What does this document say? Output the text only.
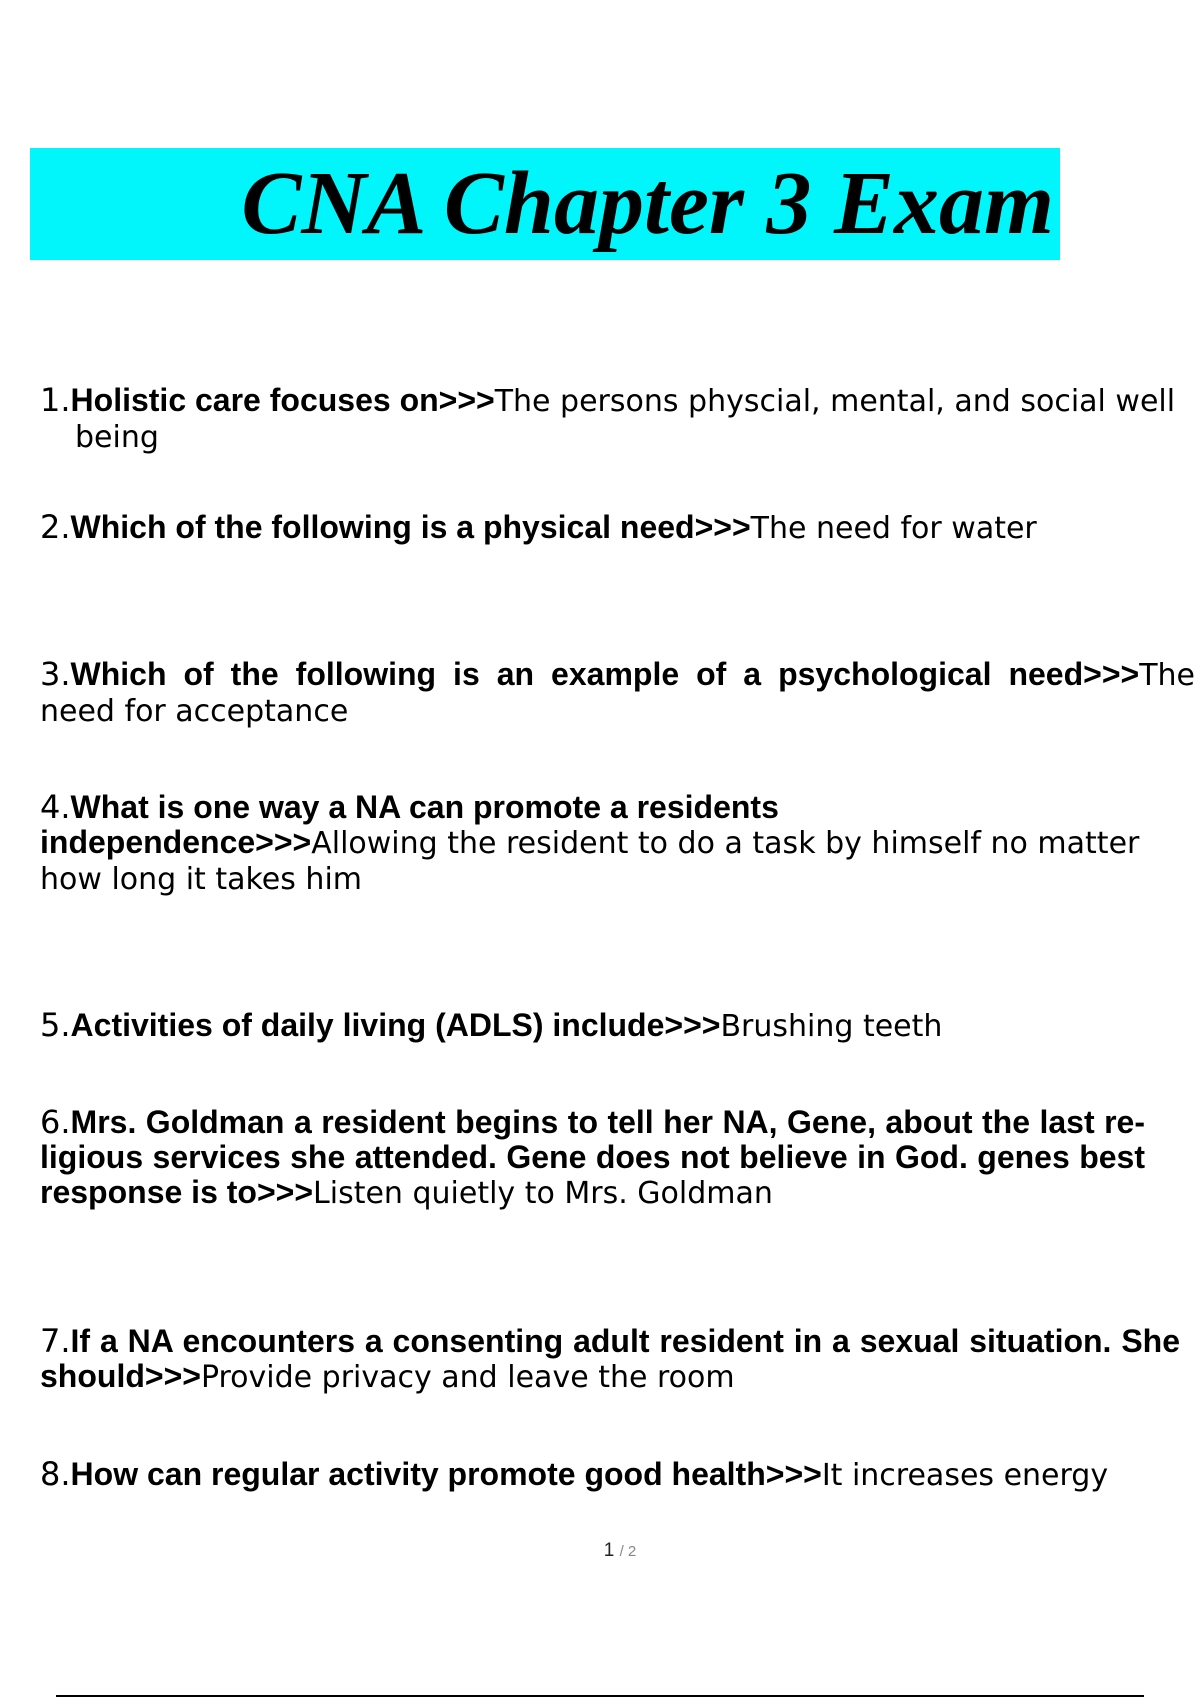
CNA Chapter 3 Exam

1.Holistic care focuses on>>>The persons physcial, mental, and social well being

2.Which of the following is a physical need>>>The need for water

3.Which of the following is an example of a psychological need>>>The need for acceptance

4.What is one way a NA can promote a residents independence>>>Allowing the resident to do a task by himself no matter how long it takes him

5.Activities of daily living (ADLS) include>>>Brushing teeth

6.Mrs. Goldman a resident begins to tell her NA, Gene, about the last re- ligious services she attended. Gene does not believe in God. genes best response is to>>>Listen quietly to Mrs. Goldman

7.If a NA encounters a consenting adult resident in a sexual situation. She should>>>Provide privacy and leave the room

8.How can regular activity promote good health>>>It increases energy

1 / 2
